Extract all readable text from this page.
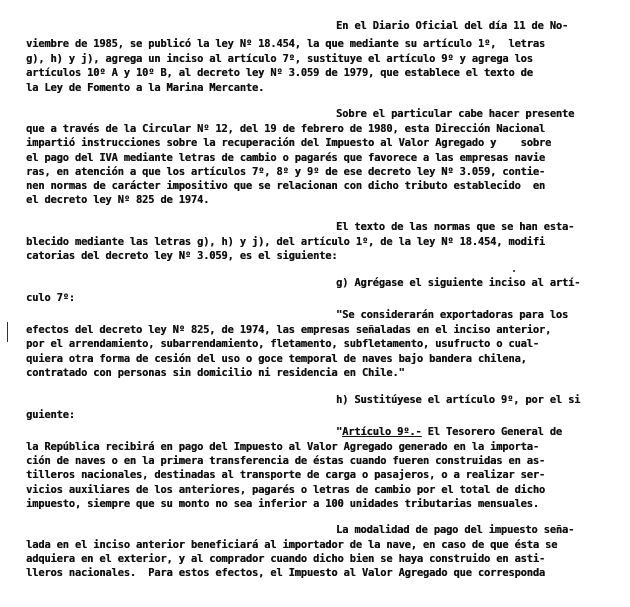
En el Diario Oficial del día 11 de No-
viembre de 1985, se publicó la ley Nº 18.454, la que mediante su artículo 1º,  letras
g), h) y j), agrega un inciso al artículo 7º, sustituye el artículo 9º y agrega los
artículos 10º A y 10º B, al decreto ley Nº 3.059 de 1979, que establece el texto de
la Ley de Fomento a la Marina Mercante.
Sobre el particular cabe hacer presente
que a través de la Circular Nº 12, del 19 de febrero de 1980, esta Dirección Nacional
impartió instrucciones sobre la recuperación del Impuesto al Valor Agregado y    sobre
el pago del IVA mediante letras de cambio o pagarés que favorece a las empresas navie
ras, en atención a que los artículos 7º, 8º y 9º de ese decreto ley Nº 3.059, contie-
nen normas de carácter impositivo que se relacionan con dicho tributo establecido  en
el decreto ley Nº 825 de 1974.
El texto de las normas que se han esta-
blecido mediante las letras g), h) y j), del artículo 1º, de la ley Nº 18.454, modifi
catorias del decreto ley Nº 3.059, es el siguiente:
g) Agrégase el siguiente inciso al artí-
culo 7º:
"Se considerarán exportadoras para los
efectos del decreto ley Nº 825, de 1974, las empresas señaladas en el inciso anterior,
por el arrendamiento, subarrendamiento, fletamento, subfletamento, usufructo o cual-
quiera otra forma de cesión del uso o goce temporal de naves bajo bandera chilena,
contratado con personas sin domicilio ni residencia en Chile."
h) Sustitúyese el artículo 9º, por el si
guiente:
"Artículo 9º.- El Tesorero General de
la República recibirá en pago del Impuesto al Valor Agregado generado en la importa-
ción de naves o en la primera transferencia de éstas cuando fueren construidas en as-
tilleros nacionales, destinadas al transporte de carga o pasajeros, o a realizar ser-
vicios auxiliares de los anteriores, pagarés o letras de cambio por el total de dicho
impuesto, siempre que su monto no sea inferior a 100 unidades tributarias mensuales.
La modalidad de pago del impuesto seña-
lada en el inciso anterior beneficiará al importador de la nave, en caso de que ésta se
adquiera en el exterior, y al comprador cuando dicho bien se haya construido en asti-
lleros nacionales.  Para estos efectos, el Impuesto al Valor Agregado que corresponda
